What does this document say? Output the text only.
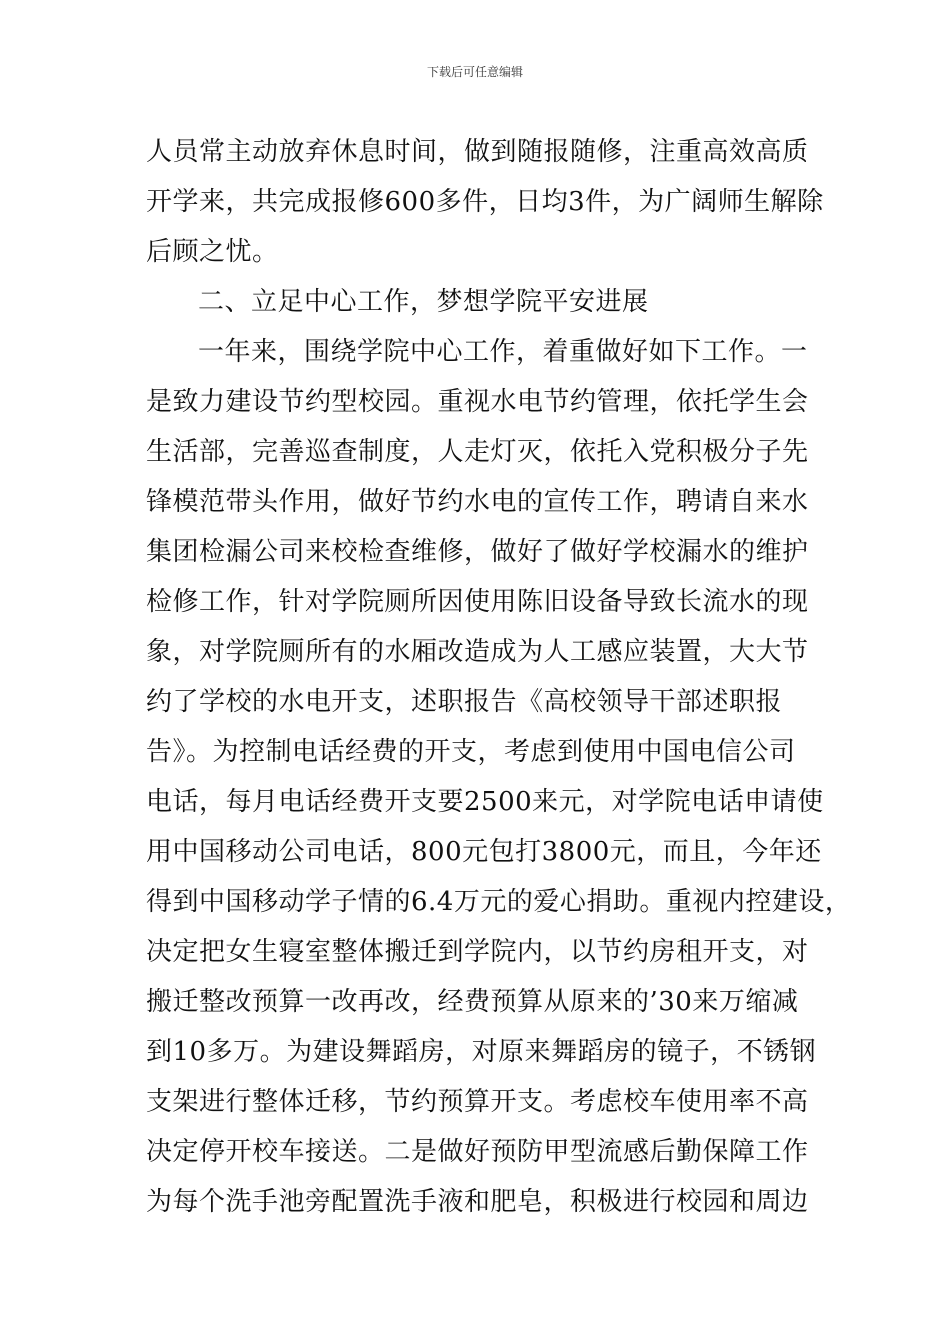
下载后可任意编辑
人员常主动放弃休息时间，做到随报随修，注重高效高质
开学来，共完成报修600多件，日均3件，为广阔师生解除
后顾之忧。
二、立足中心工作，梦想学院平安进展
一年来，围绕学院中心工作，着重做好如下工作。一
是致力建设节约型校园。重视水电节约管理，依托学生会
生活部，完善巡查制度，人走灯灭，依托入党积极分子先
锋模范带头作用，做好节约水电的宣传工作，聘请自来水
集团检漏公司来校检查维修，做好了做好学校漏水的维护
检修工作，针对学院厕所因使用陈旧设备导致长流水的现
象，对学院厕所有的水厢改造成为人工感应装置，大大节
约了学校的水电开支，述职报告《高校领导干部述职报
告》。为控制电话经费的开支，考虑到使用中国电信公司
电话，每月电话经费开支要2500来元，对学院电话申请使
用中国移动公司电话，800元包打3800元，而且，今年还
得到中国移动学子情的6.4万元的爱心捐助。重视内控建设，
决定把女生寝室整体搬迁到学院内，以节约房租开支，对
搬迁整改预算一改再改，经费预算从原来的’30来万缩减
到10多万。为建设舞蹈房，对原来舞蹈房的镜子，不锈钢
支架进行整体迁移，节约预算开支。考虑校车使用率不高
决定停开校车接送。二是做好预防甲型流感后勤保障工作
为每个洗手池旁配置洗手液和肥皂，积极进行校园和周边
